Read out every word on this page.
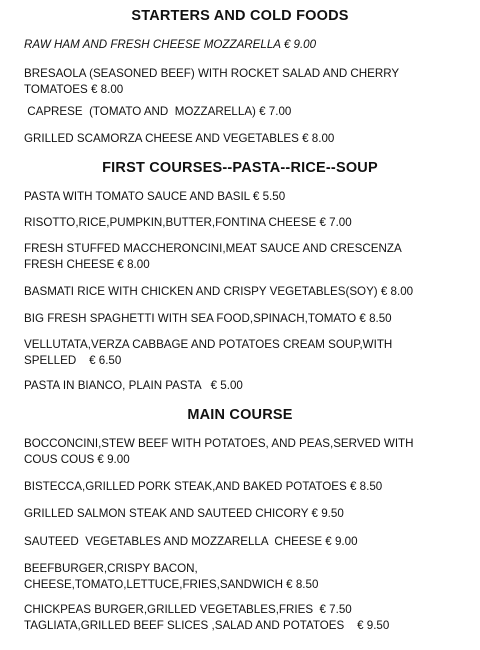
STARTERS AND COLD FOODS

RAW HAM AND FRESH CHEESE MOZZARELLA € 9.00

BRESAOLA (SEASONED BEEF) WITH ROCKET SALAD AND CHERRY
TOMATOES € 8.00

CAPRESE  (TOMATO AND  MOZZARELLA) € 7.00

GRILLED SCAMORZA CHEESE AND VEGETABLES € 8.00

FIRST COURSES--PASTA--RICE--SOUP

PASTA WITH TOMATO SAUCE AND BASIL € 5.50

RISOTTO,RICE,PUMPKIN,BUTTER,FONTINA CHEESE € 7.00

FRESH STUFFED MACCHERONCINI,MEAT SAUCE AND CRESCENZA
FRESH CHEESE € 8.00

BASMATI RICE WITH CHICKEN AND CRISPY VEGETABLES(SOY) € 8.00

BIG FRESH SPAGHETTI WITH SEA FOOD,SPINACH,TOMATO € 8.50

VELLUTATA,VERZA CABBAGE AND POTATOES CREAM SOUP,WITH
SPELLED    € 6.50

PASTA IN BIANCO, PLAIN PASTA   € 5.00

MAIN COURSE

BOCCONCINI,STEW BEEF WITH POTATOES, AND PEAS,SERVED WITH
COUS COUS € 9.00

BISTECCA,GRILLED PORK STEAK,AND BAKED POTATOES € 8.50

GRILLED SALMON STEAK AND SAUTEED CHICORY € 9.50

SAUTEED  VEGETABLES AND MOZZARELLA  CHEESE € 9.00

BEEFBURGER,CRISPY BACON,
CHEESE,TOMATO,LETTUCE,FRIES,SANDWICH € 8.50

CHICKPEAS BURGER,GRILLED VEGETABLES,FRIES  € 7.50
TAGLIATA,GRILLED BEEF SLICES ,SALAD AND POTATOES    € 9.50
